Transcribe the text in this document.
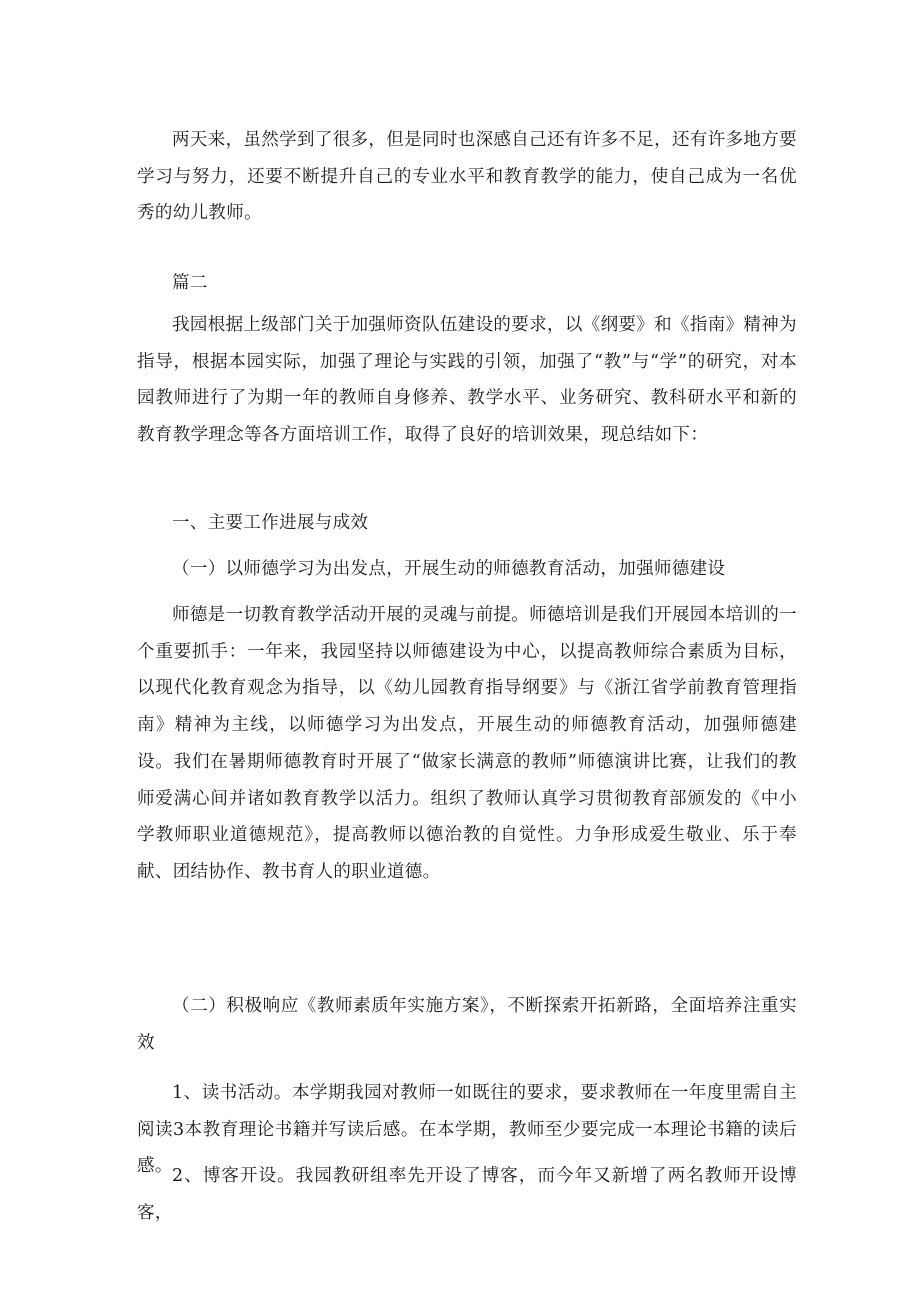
两天来，虽然学到了很多，但是同时也深感自己还有许多不足，还有许多地方要学习与努力，还要不断提升自己的专业水平和教育教学的能力，使自己成为一名优秀的幼儿教师。

篇二

我园根据上级部门关于加强师资队伍建设的要求，以《纲要》和《指南》精神为指导，根据本园实际，加强了理论与实践的引领，加强了“教”与“学”的研究，对本园教师进行了为期一年的教师自身修养、教学水平、业务研究、教科研水平和新的教育教学理念等各方面培训工作，取得了良好的培训效果，现总结如下：

一、主要工作进展与成效

（一）以师德学习为出发点，开展生动的师德教育活动，加强师德建设

师德是一切教育教学活动开展的灵魂与前提。师德培训是我们开展园本培训的一个重要抓手：一年来，我园坚持以师德建设为中心，以提高教师综合素质为目标，以现代化教育观念为指导，以《幼儿园教育指导纲要》与《浙江省学前教育管理指南》精神为主线，以师德学习为出发点，开展生动的师德教育活动，加强师德建设。我们在暑期师德教育时开展了“做家长满意的教师”师德演讲比赛，让我们的教师爱满心间并诸如教育教学以活力。组织了教师认真学习贯彻教育部颁发的《中小学教师职业道德规范》，提高教师以德治教的自觉性。力争形成爱生敬业、乐于奉献、团结协作、教书育人的职业道德。

（二）积极响应《教师素质年实施方案》，不断探索开拓新路，全面培养注重实效

1、读书活动。本学期我园对教师一如既往的要求，要求教师在一年度里需自主阅读3本教育理论书籍并写读后感。在本学期，教师至少要完成一本理论书籍的读后感。 2、博客开设。我园教研组率先开设了博客，而今年又新增了两名教师开设博客，
